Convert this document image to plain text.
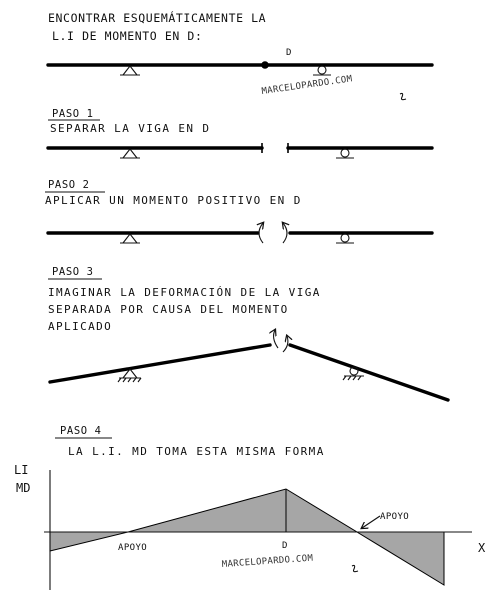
ENCONTRAR ESQUEMÁTICAMENTE LA
L.I DE MOMENTO EN D:
D
MARCELOPARDO.COM
PASO 1
SEPARAR LA VIGA EN D
PASO 2
APLICAR UN MOMENTO POSITIVO EN D
PASO 3
IMAGINAR LA DEFORMACIÓN DE LA VIGA
SEPARADA POR CAUSA DEL MOMENTO
APLICADO
PASO 4
LA L.I. MD TOMA ESTA MISMA FORMA
LI
MD
X
D
APOYO
APOYO
MARCELOPARDO.COM
